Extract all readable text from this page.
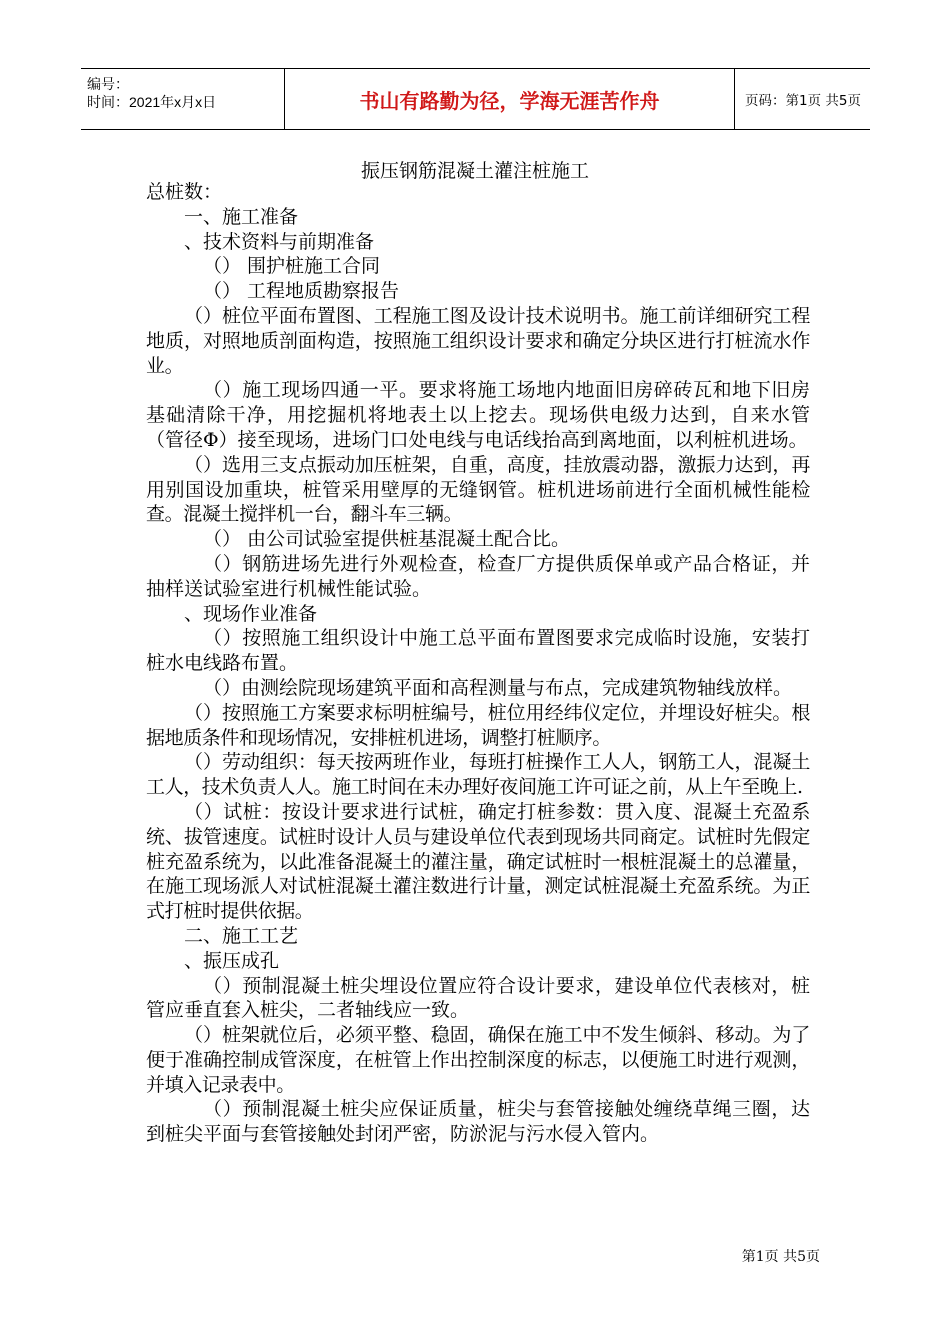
编号：
时间：2021年x月x日	书山有路勤为径，学海无涯苦作舟	页码：第1页 共5页
振压钢筋混凝土灌注桩施工

总桩数：

一、施工准备

、技术资料与前期准备

（） 围护桩施工合同

（） 工程地质勘察报告

（）桩位平面布置图、工程施工图及设计技术说明书。施工前详细研究工程地质，对照地质剖面构造，按照施工组织设计要求和确定分块区进行打桩流水作业。

（）施工现场四通一平。要求将施工场地内地面旧房碎砖瓦和地下旧房基础清除干净，用挖掘机将地表土以上挖去。现场供电级力达到，自来水管（管径Φ）接至现场，进场门口处电线与电话线抬高到离地面，以利桩机进场。

（）选用三支点振动加压桩架，自重，高度，挂放震动器，激振力达到，再用别国设加重块，桩管采用壁厚的无缝钢管。桩机进场前进行全面机械性能检查。混凝土搅拌机一台，翻斗车三辆。

（） 由公司试验室提供桩基混凝土配合比。

（）钢筋进场先进行外观检查，检查厂方提供质保单或产品合格证，并抽样送试验室进行机械性能试验。

、现场作业准备

（）按照施工组织设计中施工总平面布置图要求完成临时设施，安装打桩水电线路布置。

（）由测绘院现场建筑平面和高程测量与布点，完成建筑物轴线放样。

（）按照施工方案要求标明桩编号，桩位用经纬仪定位，并埋设好桩尖。根据地质条件和现场情况，安排桩机进场，调整打桩顺序。

（）劳动组织：每天按两班作业，每班打桩操作工人人，钢筋工人，混凝土工人，技术负责人人。施工时间在未办理好夜间施工许可证之前，从上午至晚上.

（）试桩：按设计要求进行试桩，确定打桩参数：贯入度、混凝土充盈系统、拔管速度。试桩时设计人员与建设单位代表到现场共同商定。试桩时先假定桩充盈系统为，以此准备混凝土的灌注量，确定试桩时一根桩混凝土的总灌量，在施工现场派人对试桩混凝土灌注数进行计量，测定试桩混凝土充盈系统。为正式打桩时提供依据。

二、施工工艺

、振压成孔

（）预制混凝土桩尖埋设位置应符合设计要求，建设单位代表核对，桩管应垂直套入桩尖，二者轴线应一致。

（）桩架就位后，必须平整、稳固，确保在施工中不发生倾斜、移动。为了便于准确控制成管深度，在桩管上作出控制深度的标志，以便施工时进行观测，并填入记录表中。

（）预制混凝土桩尖应保证质量，桩尖与套管接触处缠绕草绳三圈，达到桩尖平面与套管接触处封闭严密，防淤泥与污水侵入管内。

第1页 共5页
